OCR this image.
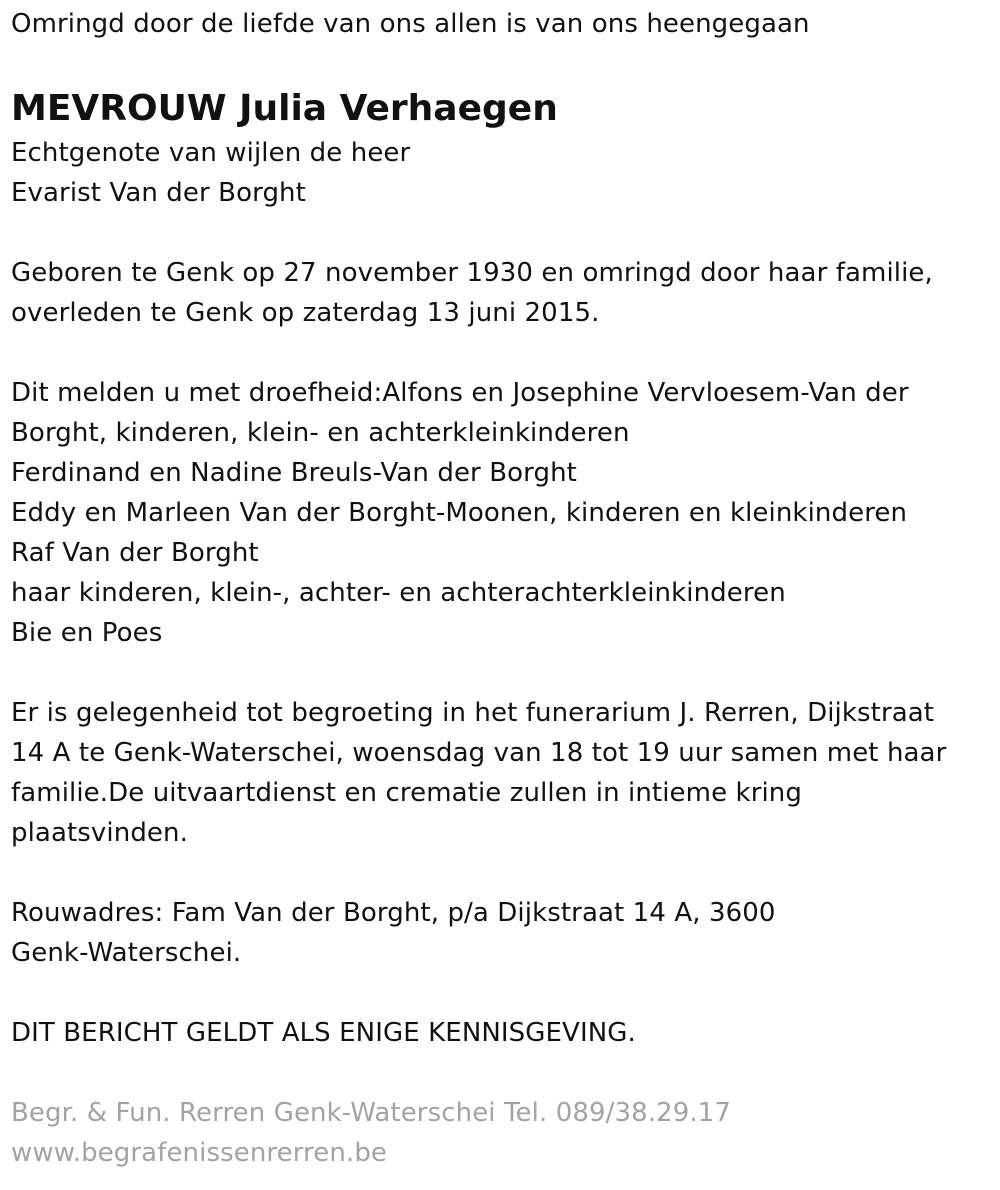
Omringd door de liefde van ons allen is van ons heengegaan
MEVROUW Julia Verhaegen
Echtgenote van wijlen de heer
Evarist Van der Borght
Geboren te Genk op 27 november 1930 en omringd door haar familie,
overleden te Genk op zaterdag 13 juni 2015.
Dit melden u met droefheid:Alfons en Josephine Vervloesem-Van der
Borght, kinderen, klein- en achterkleinkinderen
Ferdinand en Nadine Breuls-Van der Borght
Eddy en Marleen Van der Borght-Moonen, kinderen en kleinkinderen
Raf Van der Borght
haar kinderen, klein-, achter- en achterachterkleinkinderen
Bie en Poes
Er is gelegenheid tot begroeting in het funerarium J. Rerren, Dijkstraat
14 A te Genk-Waterschei, woensdag van 18 tot 19 uur samen met haar
familie.De uitvaartdienst en crematie zullen in intieme kring
plaatsvinden.
Rouwadres: Fam Van der Borght, p/a Dijkstraat 14 A, 3600
Genk-Waterschei.
DIT BERICHT GELDT ALS ENIGE KENNISGEVING.
Begr. & Fun. Rerren Genk-Waterschei Tel. 089/38.29.17
www.begrafenissenrerren.be
